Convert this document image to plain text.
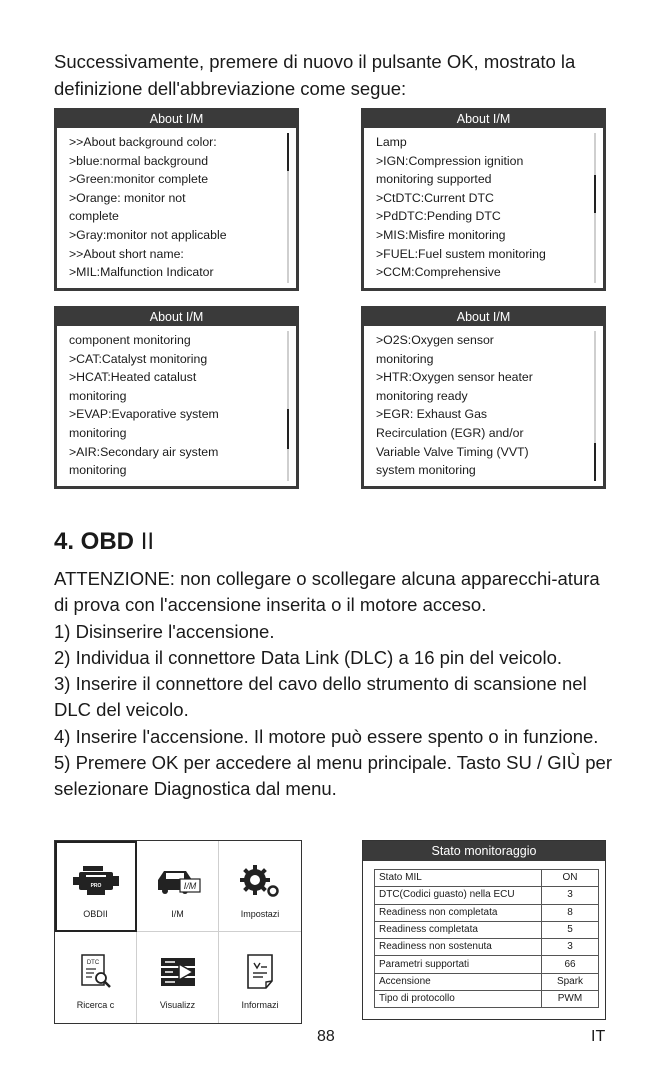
Successivamente, premere di nuovo il pulsante OK, mostrato la definizione dell'abbreviazione come segue:
About I/M
>>About background color:
>blue:normal background
>Green:monitor complete
>Orange: monitor not
complete
>Gray:monitor not applicable
>>About short name:
>MIL:Malfunction Indicator
About I/M
Lamp
>IGN:Compression ignition
monitoring supported
>CtDTC:Current DTC
>PdDTC:Pending DTC
>MIS:Misfire monitoring
>FUEL:Fuel sustem monitoring
>CCM:Comprehensive
About I/M
component monitoring
>CAT:Catalyst monitoring
>HCAT:Heated catalust
monitoring
>EVAP:Evaporative system
monitoring
>AIR:Secondary air system
monitoring
About I/M
>O2S:Oxygen sensor
monitoring
>HTR:Oxygen sensor heater
monitoring ready
>EGR: Exhaust Gas
Recirculation (EGR) and/or
Variable Valve Timing (VVT)
system monitoring
4. OBD II

ATTENZIONE: non collegare o scollegare alcuna apparecchi-atura di prova con l'accensione inserita o il motore acceso.

1) Disinserire l'accensione.

2) Individua il connettore Data Link (DLC) a 16 pin del veicolo.

3) Inserire il connettore del cavo dello strumento di scansione nel DLC del veicolo.

4) Inserire l'accensione. Il motore può essere spento o in funzione.

5) Premere OK per accedere al menu principale. Tasto SU / GIÙ per selezionare Diagnostica dal menu.

PRO
OBDII
I/M
I/M	Impostazi
DTC
Ricerca c	Visualizz	Informazi
Stato monitoraggio
Stato MIL	ON
DTC(Codici guasto) nella ECU	3
Readiness non completata	8
Readiness completata	5
Readiness non sostenuta	3
Parametri supportati	66
Accensione	Spark
Tipo di protocollo	PWM
88	IT
